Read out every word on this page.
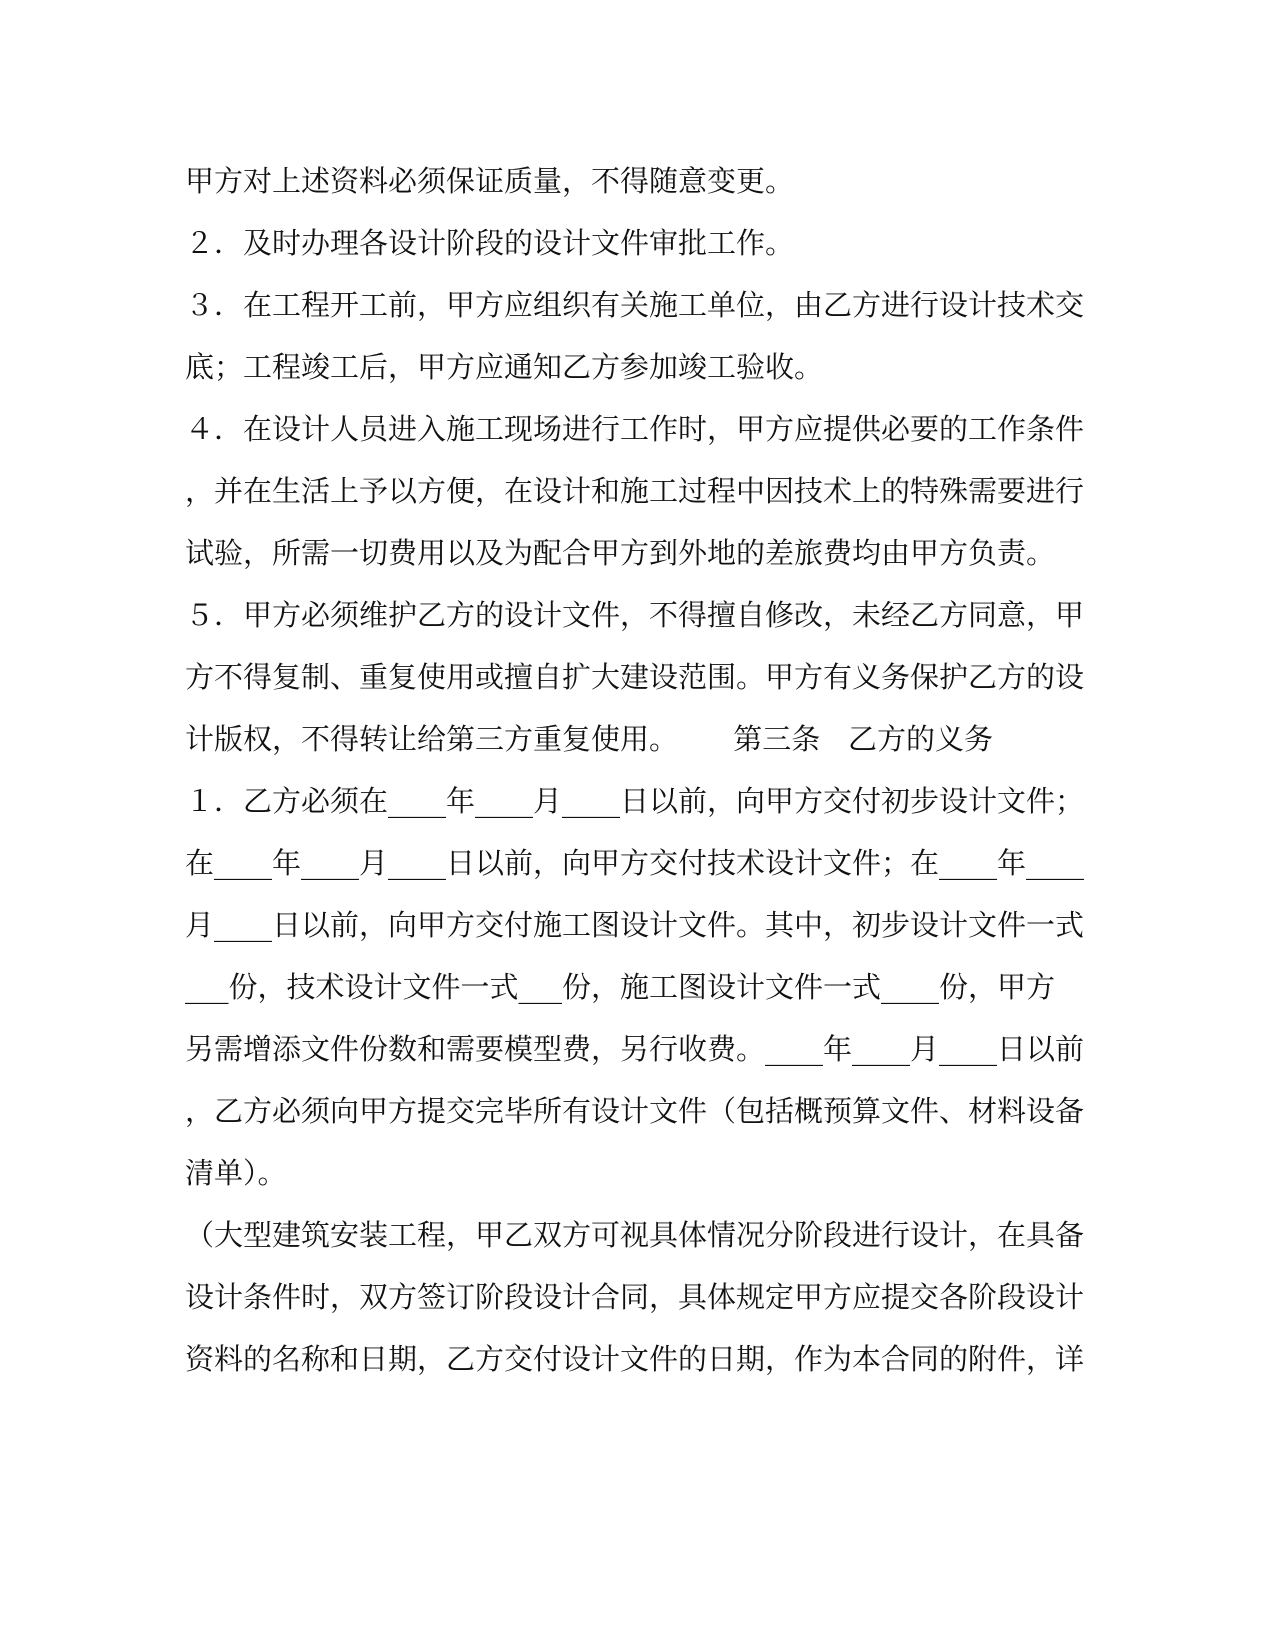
甲方对上述资料必须保证质量，不得随意变更。
２．及时办理各设计阶段的设计文件审批工作。
３．在工程开工前，甲方应组织有关施工单位，由乙方进行设计技术交
底；工程竣工后，甲方应通知乙方参加竣工验收。
４．在设计人员进入施工现场进行工作时，甲方应提供必要的工作条件
，并在生活上予以方便，在设计和施工过程中因技术上的特殊需要进行
试验，所需一切费用以及为配合甲方到外地的差旅费均由甲方负责。
５．甲方必须维护乙方的设计文件，不得擅自修改，未经乙方同意，甲
方不得复制、重复使用或擅自扩大建设范围。甲方有义务保护乙方的设
计版权，不得转让给第三方重复使用。      第三条   乙方的义务
１．乙方必须在____年____月____日以前，向甲方交付初步设计文件；
在____年____月____日以前，向甲方交付技术设计文件；在____年____
月____日以前，向甲方交付施工图设计文件。其中，初步设计文件一式
___份，技术设计文件一式___份，施工图设计文件一式____份，甲方
另需增添文件份数和需要模型费，另行收费。____年____月____日以前
，乙方必须向甲方提交完毕所有设计文件（包括概预算文件、材料设备
清单）。
（大型建筑安装工程，甲乙双方可视具体情况分阶段进行设计，在具备
设计条件时，双方签订阶段设计合同，具体规定甲方应提交各阶段设计
资料的名称和日期，乙方交付设计文件的日期，作为本合同的附件，详
